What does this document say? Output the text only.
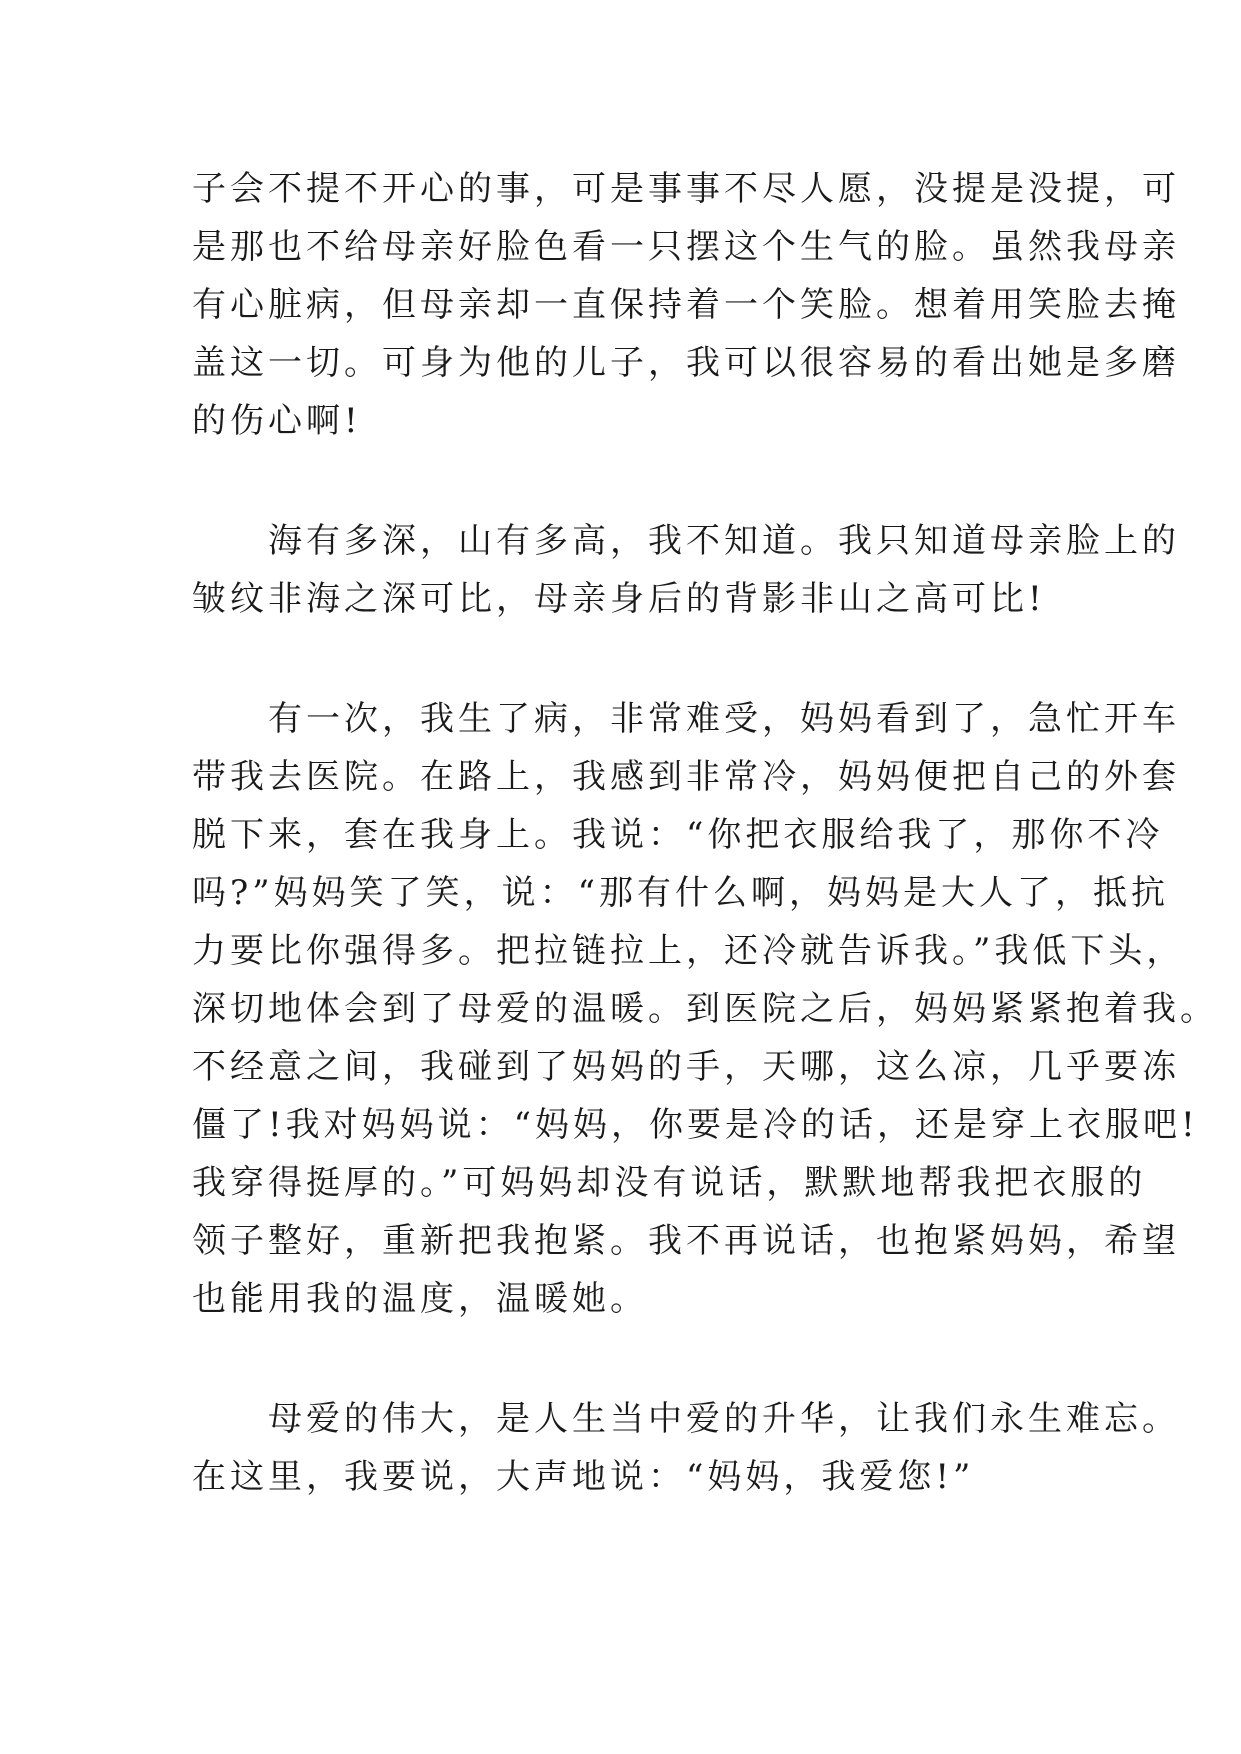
子会不提不开心的事，可是事事不尽人愿，没提是没提，可
是那也不给母亲好脸色看一只摆这个生气的脸。虽然我母亲
有心脏病，但母亲却一直保持着一个笑脸。想着用笑脸去掩
盖这一切。可身为他的儿子，我可以很容易的看出她是多磨
的伤心啊!
　　海有多深，山有多高，我不知道。我只知道母亲脸上的
皱纹非海之深可比，母亲身后的背影非山之高可比!
　　有一次，我生了病，非常难受，妈妈看到了，急忙开车
带我去医院。在路上，我感到非常冷，妈妈便把自己的外套
脱下来，套在我身上。我说：“你把衣服给我了，那你不冷
吗?”妈妈笑了笑，说：“那有什么啊，妈妈是大人了，抵抗
力要比你强得多。把拉链拉上，还冷就告诉我。”我低下头，
深切地体会到了母爱的温暖。到医院之后，妈妈紧紧抱着我。
不经意之间，我碰到了妈妈的手，天哪，这么凉，几乎要冻
僵了!我对妈妈说：“妈妈，你要是冷的话，还是穿上衣服吧!
我穿得挺厚的。”可妈妈却没有说话，默默地帮我把衣服的
领子整好，重新把我抱紧。我不再说话，也抱紧妈妈，希望
也能用我的温度，温暖她。
　　母爱的伟大，是人生当中爱的升华，让我们永生难忘。
在这里，我要说，大声地说：“妈妈，我爱您!”
